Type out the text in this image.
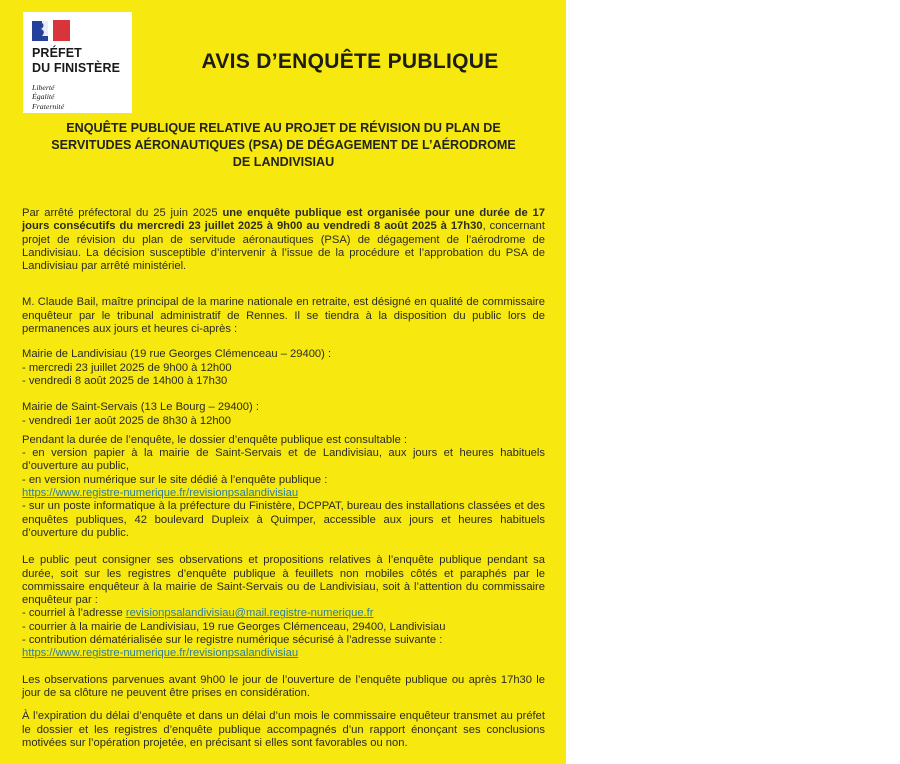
PRÉFET
DU FINISTÈRE
Liberté
Égalité
Fraternité
AVIS D’ENQUÊTE PUBLIQUE
ENQUÊTE PUBLIQUE RELATIVE AU PROJET DE RÉVISION DU PLAN DE
SERVITUDES AÉRONAUTIQUES (PSA) DE DÉGAGEMENT DE L’AÉRODROME
DE LANDIVISIAU
Par arrêté préfectoral du 25 juin 2025 une enquête publique est organisée pour une durée de 17 jours consécutifs du mercredi 23 juillet 2025 à 9h00 au vendredi 8 août 2025 à 17h30, concernant projet de révision du plan de servitude aéronautiques (PSA) de dégagement de l’aérodrome de Landivisiau. La décision susceptible d’intervenir à l’issue de la procédure et l’approbation du PSA de Landivisiau par arrêté ministériel.
M. Claude Bail, maître principal de la marine nationale en retraite, est désigné en qualité de commissaire enquêteur par le tribunal administratif de Rennes. Il se tiendra à la disposition du public lors de permanences aux jours et heures ci-après :
Mairie de Landivisiau (19 rue Georges Clémenceau – 29400) :
- mercredi 23 juillet 2025 de 9h00 à 12h00
- vendredi 8 août 2025 de 14h00 à 17h30
Mairie de Saint-Servais (13 Le Bourg – 29400) :
- vendredi 1er août 2025 de 8h30 à 12h00
Pendant la durée de l’enquête, le dossier d’enquête publique est consultable :
- en version papier à la mairie de Saint-Servais et de Landivisiau, aux jours et heures habituels d’ouverture au public,
- en version numérique sur le site dédié à l’enquête publique :
https://www.registre-numerique.fr/revisionpsalandivisiau
- sur un poste informatique à la préfecture du Finistère, DCPPAT, bureau des installations classées et des enquêtes publiques, 42 boulevard Dupleix à Quimper, accessible aux jours et heures habituels d’ouverture du public.
Le public peut consigner ses observations et propositions relatives à l’enquête publique pendant sa durée, soit sur les registres d’enquête publique à feuillets non mobiles côtés et paraphés par le commissaire enquêteur à la mairie de Saint-Servais ou de Landivisiau, soit à l’attention du commissaire enquêteur par :
- courriel à l’adresse revisionpsalandivisiau@mail.registre-numerique.fr
- courrier à la mairie de Landivisiau, 19 rue Georges Clémenceau, 29400, Landivisiau
- contribution dématérialisée sur le registre numérique sécurisé à l’adresse suivante :
https://www.registre-numerique.fr/revisionpsalandivisiau
Les observations parvenues avant 9h00 le jour de l’ouverture de l’enquête publique ou après 17h30 le jour de sa clôture ne peuvent être prises en considération.
À l’expiration du délai d’enquête et dans un délai d’un mois le commissaire enquêteur transmet au préfet le dossier et les registres d’enquête publique accompagnés d’un rapport énonçant ses conclusions motivées sur l’opération projetée, en précisant si elles sont favorables ou non.
